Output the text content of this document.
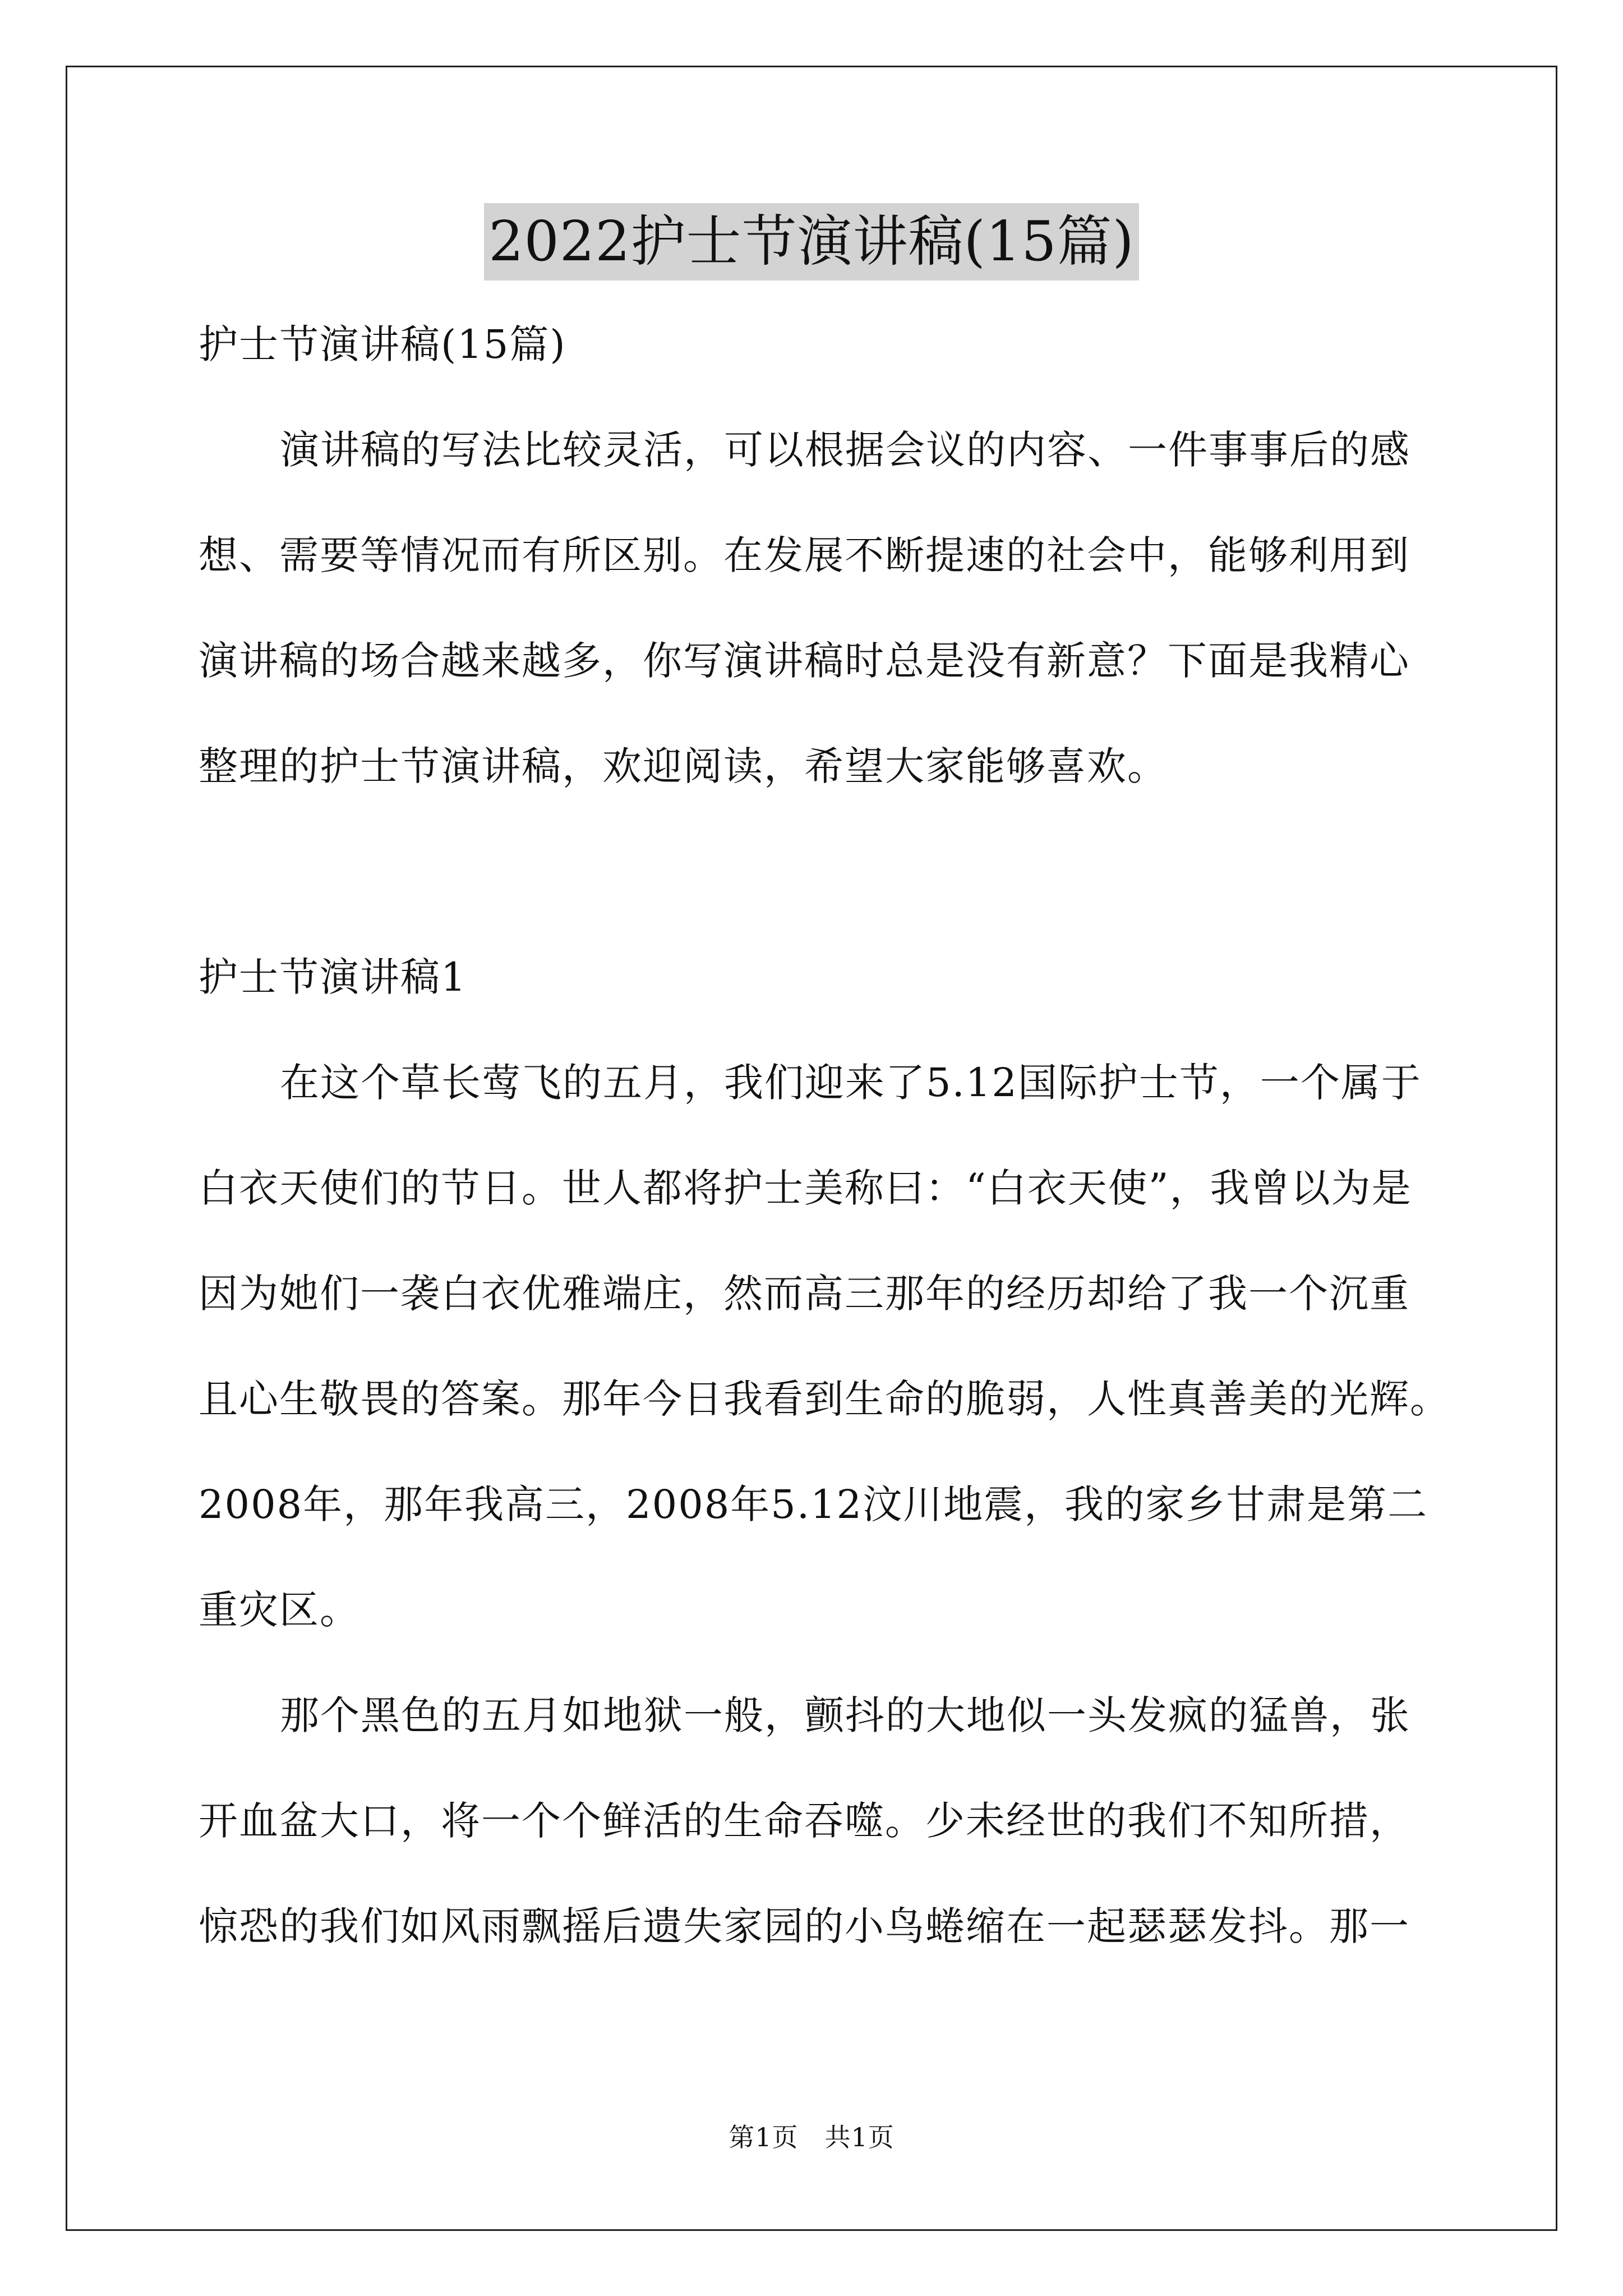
2022护士节演讲稿(15篇)
护士节演讲稿(15篇)
演讲稿的写法比较灵活，可以根据会议的内容、一件事事后的感
想、需要等情况而有所区别。在发展不断提速的社会中，能够利用到
演讲稿的场合越来越多，你写演讲稿时总是没有新意？下面是我精心
整理的护士节演讲稿，欢迎阅读，希望大家能够喜欢。
护士节演讲稿1
在这个草长莺飞的五月，我们迎来了5.12国际护士节，一个属于
白衣天使们的节日。世人都将护士美称曰：“白衣天使”，我曾以为是
因为她们一袭白衣优雅端庄，然而高三那年的经历却给了我一个沉重
且心生敬畏的答案。那年今日我看到生命的脆弱，人性真善美的光辉。
2008年，那年我高三，2008年5.12汶川地震，我的家乡甘肃是第二
重灾区。
那个黑色的五月如地狱一般，颤抖的大地似一头发疯的猛兽，张
开血盆大口，将一个个鲜活的生命吞噬。少未经世的我们不知所措，
惊恐的我们如风雨飘摇后遗失家园的小鸟蜷缩在一起瑟瑟发抖。那一
第1页　共1页
